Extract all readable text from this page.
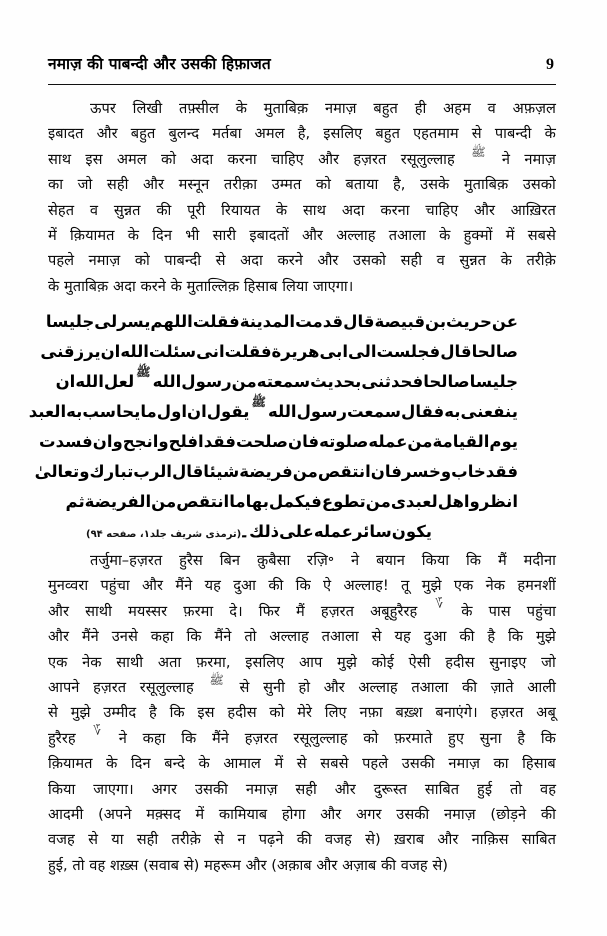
नमाज़ की पाबन्दी और उसकी हिफ़ाजत	9
ऊपर लिखी तफ़्सील के मुताबिक़ नमाज़ बहुत ही अहम व अफ़ज़ल
इबादत और बहुत बुलन्द मर्तबा अमल है, इसलिए बहुत एहतमाम से पाबन्दी के
साथ इस अमल को अदा करना चाहिए और हज़रत रसूलुल्लाह ﷺ ने नमाज़
का जो सही और मस्नून तरीक़ा उम्मत को बताया है, उसके मुताबिक़ उसको
सेहत व सुन्नत की पूरी रियायत के साथ अदा करना चाहिए और आख़िरत
में क़ियामत के दिन भी सारी इबादतों और अल्लाह तआला के हुक्मों में सबसे
पहले नमाज़ को पाबन्दी से अदा करने और उसको सही व सुन्नत के तरीक़े
के मुताबिक़ अदा करने के मुताल्लिक़ हिसाब लिया जाएगा।
عن
حريث
بن
قبيصة
قال
قدمت
المدينة
فقلت
اللهم
يسرلى
جليسا
صالحا
قال
فجلست
الى
ابى
هريرة
فقلت
انى
سئلت
الله
ان
يرزقنى
جليسا
صالحا
فحدثنى
بحديث
سمعته
من
رسول
الله
ﷺ
لعل
الله
ان
ينفعنى
به
فقال
سمعت
رسول
الله
ﷺ
يقول
ان
اول
ما
يحاسب
به
العبد
يوم
القيامة
من
عمله
صلوته
فان
صلحت
فقد
افلح
وانجح
وان
فسدت
فقد
خاب
و
خسر
فان
انتقص
من
فريضة
شيئا
قال
الرب
تبارك
و
تعالىٰ
انظروا
هل
لعبدى
من
تطوع
فيكمل
بها
ما
انتقص
من
الفريضة
ثم
يكون
سائر
عمله
على
ذلك۔
(ترمذى شريف جلد۱، صفحه ۹۴)
तर्जुमा–हज़रत हुरैस बिन क़ुबैसा रज़ि॰ ने बयान किया कि मैं मदीना
मुनव्वरा पहुंचा और मैंने यह दुआ की कि ऐ अल्लाह! तू मुझे एक नेक हमनशीं
और साथी मयस्सर फ़रमा दे। फिर मैं हज़रत अबूहुरैरह ؆ के पास पहुंचा
और मैंने उनसे कहा कि मैंने तो अल्लाह तआला से यह दुआ की है कि मुझे
एक नेक साथी अता फ़रमा, इसलिए आप मुझे कोई ऐसी हदीस सुनाइए जो
आपने हज़रत रसूलुल्लाह ﷺ से सुनी हो और अल्लाह तआला की ज़ाते आली
से मुझे उम्मीद है कि इस हदीस को मेरे लिए नफ़ा बख़्श बनाएंगे। हज़रत अबू
हुरैरह ؆ ने कहा कि मैंने हज़रत रसूलुल्लाह को फ़रमाते हुए सुना है कि
क़ियामत के दिन बन्दे के आमाल में से सबसे पहले उसकी नमाज़ का हिसाब
किया जाएगा। अगर उसकी नमाज़ सही और दुरूस्त साबित हुई तो वह
आदमी (अपने मक़्सद में कामियाब होगा और अगर उसकी नमाज़ (छोड़ने की
वजह से या सही तरीक़े से न पढ़ने की वजह से) ख़राब और नाक़िस साबित
हुई, तो वह शख़्स (सवाब से) महरूम और (अक़ाब और अज़ाब की वजह से)
